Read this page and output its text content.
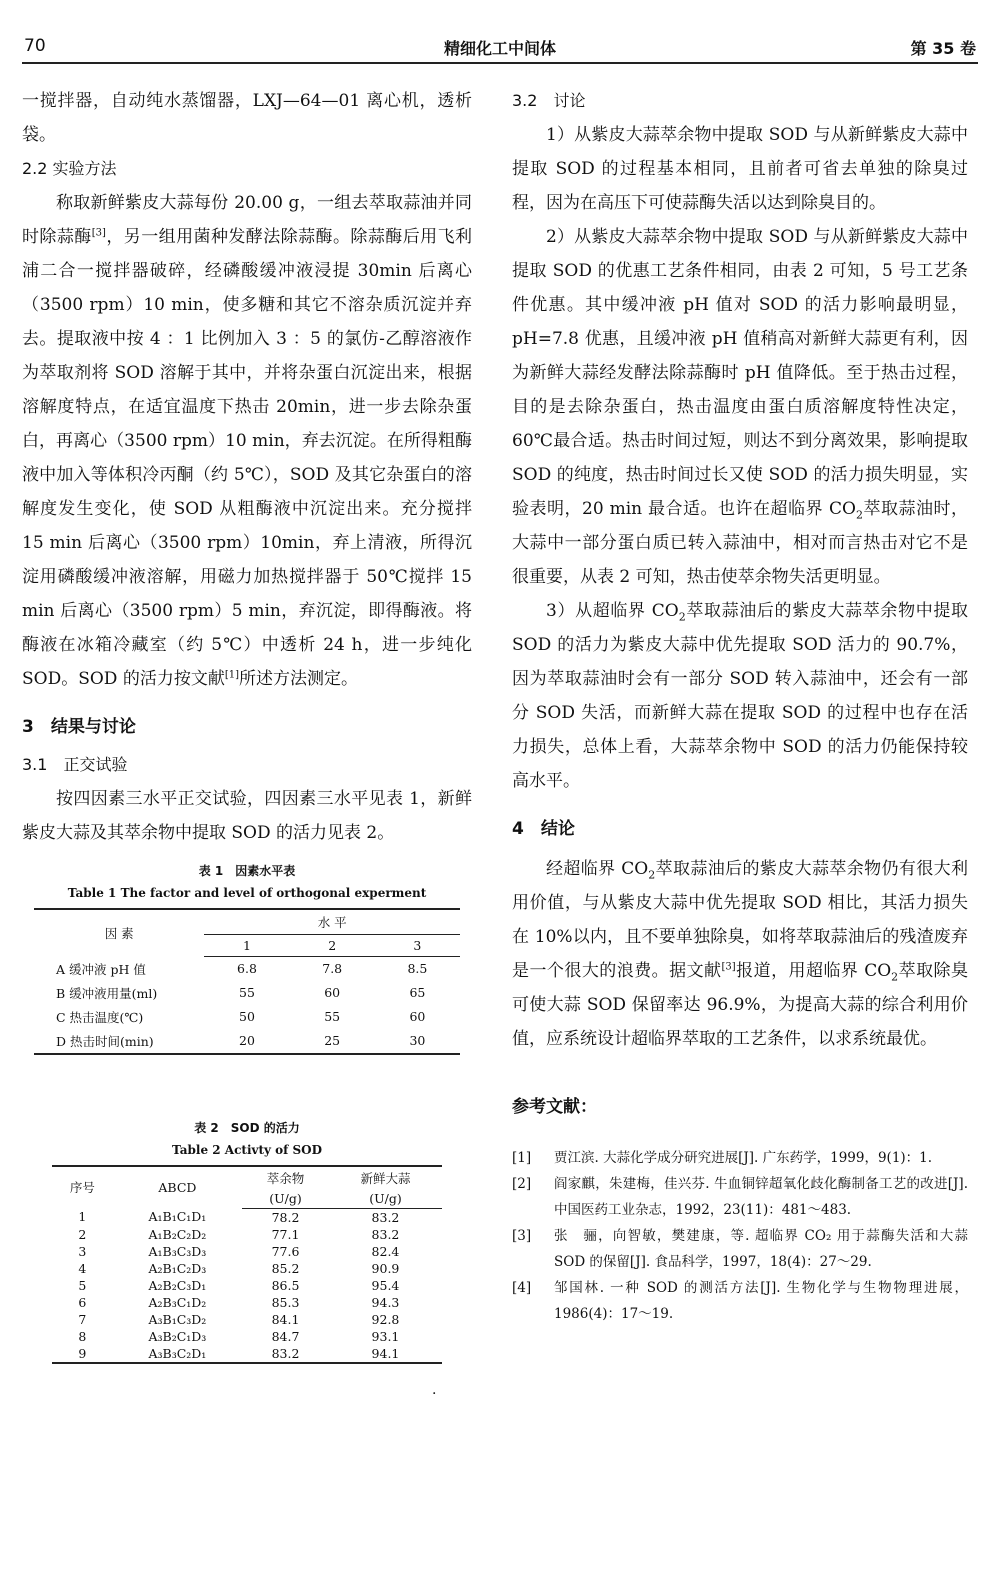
70	精细化工中间体	第 35 卷

一搅拌器，自动纯水蒸馏器，LXJ—64—01 离心机，透析袋。

2.2 实验方法

称取新鲜紫皮大蒜每份 20.00 g，一组去萃取蒜油并同时除蒜酶[3]，另一组用菌种发酵法除蒜酶。除蒜酶后用飞利浦二合一搅拌器破碎，经磷酸缓冲液浸提 30min 后离心（3500 rpm）10 min，使多糖和其它不溶杂质沉淀并弃去。提取液中按 4 ：1 比例加入 3 ：5 的氯仿-乙醇溶液作为萃取剂将 SOD 溶解于其中，并将杂蛋白沉淀出来，根据溶解度特点，在适宜温度下热击 20min，进一步去除杂蛋白，再离心（3500 rpm）10 min，弃去沉淀。在所得粗酶液中加入等体积冷丙酮（约 5℃），SOD 及其它杂蛋白的溶解度发生变化，使 SOD 从粗酶液中沉淀出来。充分搅拌 15 min 后离心（3500 rpm）10min，弃上清液，所得沉淀用磷酸缓冲液溶解，用磁力加热搅拌器于 50℃搅拌 15 min 后离心（3500 rpm）5 min，弃沉淀，即得酶液。将酶液在冰箱冷藏室（约 5℃）中透析 24 h，进一步纯化 SOD。SOD 的活力按文献[1]所述方法测定。

3　结果与讨论

3.1　正交试验

按四因素三水平正交试验，四因素三水平见表 1，新鲜紫皮大蒜及其萃余物中提取 SOD 的活力见表 2。

表 1　因素水平表
Table 1 The factor and level of orthogonal experment
因 素	水 平		
	1	2	3
A 缓冲液 pH 值	6.8	7.8	8.5
B 缓冲液用量(ml)	55	60	65
C 热击温度(℃)	50	55	60
D 热击时间(min)	20	25	30
表 2　SOD 的活力
Table 2 Activty of SOD
序号	ABCD	萃余物	新鲜大蒜
		(U/g)	(U/g)
1	A₁B₁C₁D₁	78.2	83.2
2	A₁B₂C₂D₂	77.1	83.2
3	A₁B₃C₃D₃	77.6	82.4
4	A₂B₁C₂D₃	85.2	90.9
5	A₂B₂C₃D₁	86.5	95.4
6	A₂B₃C₁D₂	85.3	94.3
7	A₃B₁C₃D₂	84.1	92.8
8	A₃B₂C₁D₃	84.7	93.1
9	A₃B₃C₂D₁	83.2	94.1

3.2　讨论

1）从紫皮大蒜萃余物中提取 SOD 与从新鲜紫皮大蒜中提取 SOD 的过程基本相同，且前者可省去单独的除臭过程，因为在高压下可使蒜酶失活以达到除臭目的。

2）从紫皮大蒜萃余物中提取 SOD 与从新鲜紫皮大蒜中提取 SOD 的优惠工艺条件相同，由表 2 可知，5 号工艺条件优惠。其中缓冲液 pH 值对 SOD 的活力影响最明显，pH=7.8 优惠，且缓冲液 pH 值稍高对新鲜大蒜更有利，因为新鲜大蒜经发酵法除蒜酶时 pH 值降低。至于热击过程，目的是去除杂蛋白，热击温度由蛋白质溶解度特性决定，60℃最合适。热击时间过短，则达不到分离效果，影响提取 SOD 的纯度，热击时间过长又使 SOD 的活力损失明显，实验表明，20 min 最合适。也许在超临界 $CO_2$萃取蒜油时，大蒜中一部分蛋白质已转入蒜油中，相对而言热击对它不是很重要，从表 2 可知，热击使萃余物失活更明显。

3）从超临界 $CO_2$萃取蒜油后的紫皮大蒜萃余物中提取 SOD 的活力为紫皮大蒜中优先提取 SOD 活力的 90.7%，因为萃取蒜油时会有一部分 SOD 转入蒜油中，还会有一部分 SOD 失活，而新鲜大蒜在提取 SOD 的过程中也存在活力损失，总体上看，大蒜萃余物中 SOD 的活力仍能保持较高水平。

4　结论

经超临界 $CO_2$萃取蒜油后的紫皮大蒜萃余物仍有很大利用价值，与从紫皮大蒜中优先提取 SOD 相比，其活力损失在 10%以内，且不要单独除臭，如将萃取蒜油后的残渣废弃是一个很大的浪费。据文献[3]报道，用超临界 $CO_2$萃取除臭可使大蒜 SOD 保留率达 96.9%，为提高大蒜的综合利用价值，应系统设计超临界萃取的工艺条件，以求系统最优。

参考文献：

[1] 贾江滨. 大蒜化学成分研究进展[J]. 广东药学，1999，9(1)：1.

[2] 阎家麒，朱建梅，佳兴芬. 牛血铜锌超氧化歧化酶制备工艺的改进[J]. 中国医药工业杂志，1992，23(11)：481～483.

[3] 张　骊，向智敏，樊建康，等. 超临界 CO₂ 用于蒜酶失活和大蒜 SOD 的保留[J]. 食品科学，1997，18(4)：27～29.

[4] 邹国林. 一种 SOD 的测活方法[J]. 生物化学与生物物理进展，1986(4)：17～19.

·
